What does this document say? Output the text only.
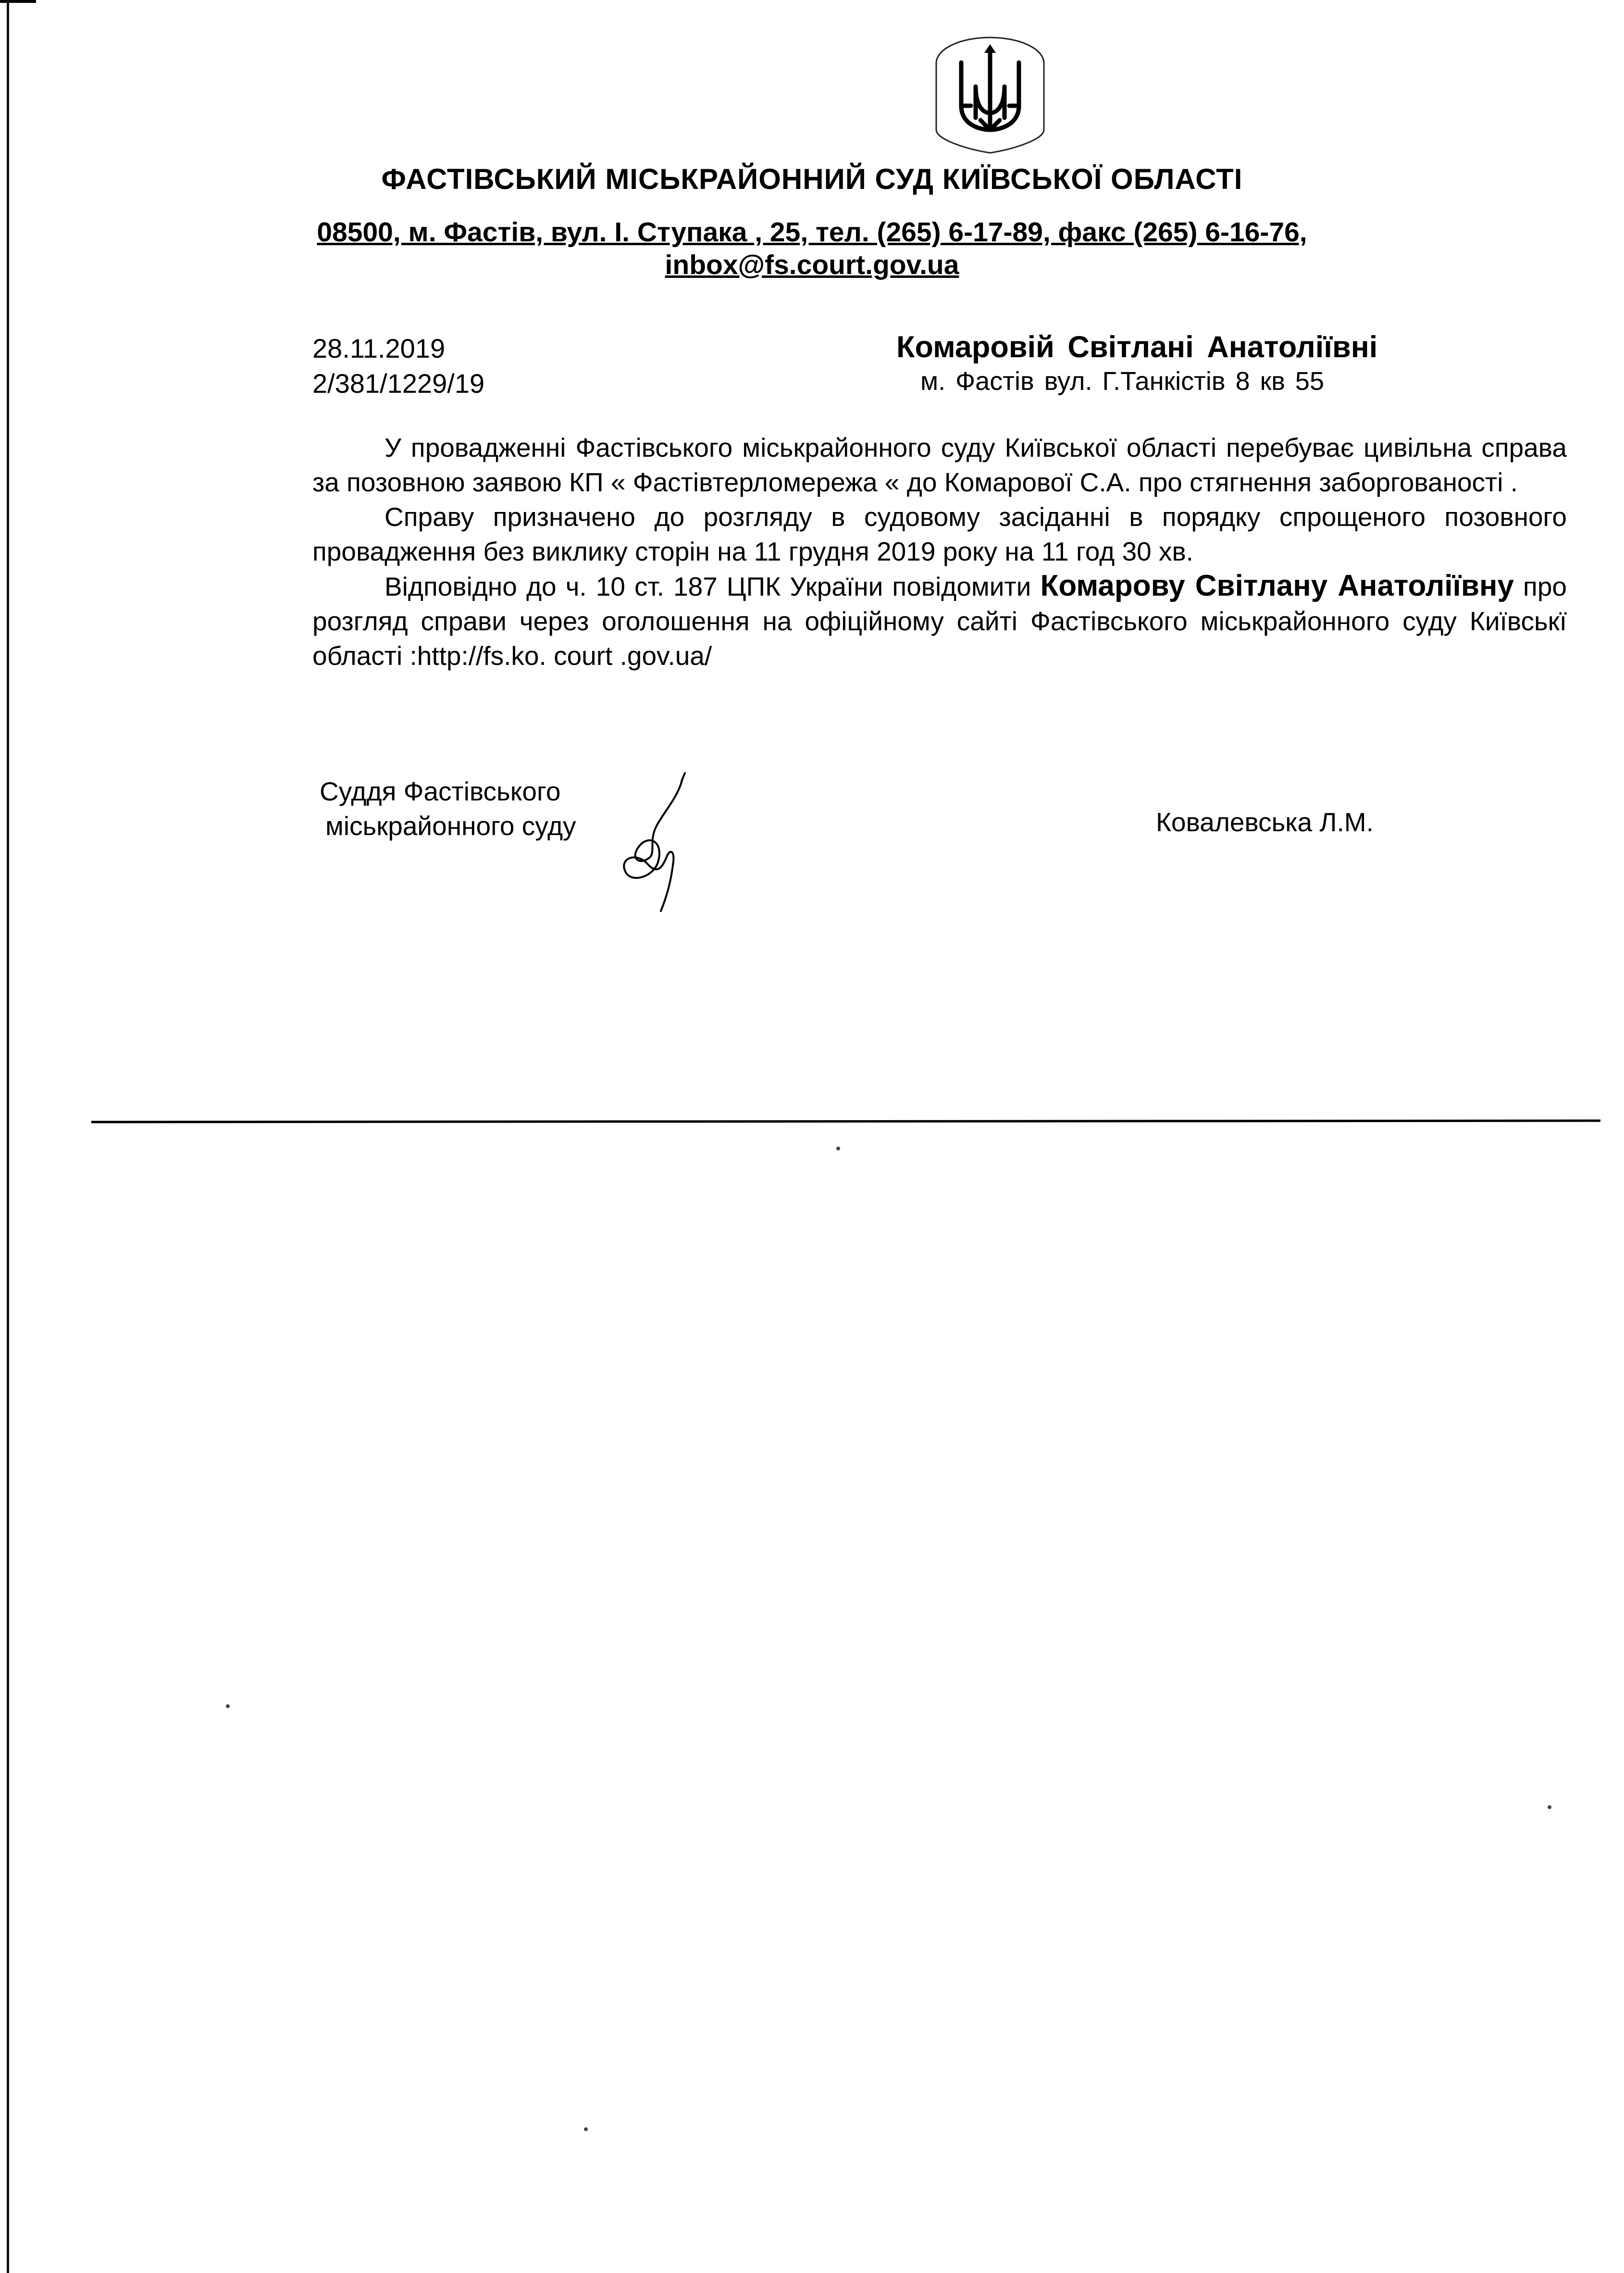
ФАСТІВСЬКИЙ МІСЬКРАЙОННИЙ СУД КИЇВСЬКОЇ ОБЛАСТІ
08500, м. Фастів, вул. І. Ступака , 25, тел. (265) 6-17-89, факс (265) 6-16-76,
inbox@fs.court.gov.ua
28.11.2019
2/381/1229/19
Комаровій Світлані Анатоліївні
м. Фастів вул. Г.Танкістів 8 кв 55

У провадженні Фастівського міськрайонного суду Київської області перебуває цивільна справа за позовною заявою КП « Фастівтерломережа « до Комарової С.А. про стягнення заборгованості .

Справу призначено до розгляду в судовому засіданні в порядку спрощеного позовного провадження без виклику сторін на 11 грудня 2019 року на 11 год 30 хв.

Відповідно до ч. 10 ст. 187 ЦПК України повідомити Комарову Світлану Анатоліївну про розгляд справи через оголошення на офіційному сайті Фастівського міськрайонного суду Київськї області :http://fs.ko. court .gov.ua/

Суддя Фастівського
міськрайонного суду	Ковалевська Л.М.
